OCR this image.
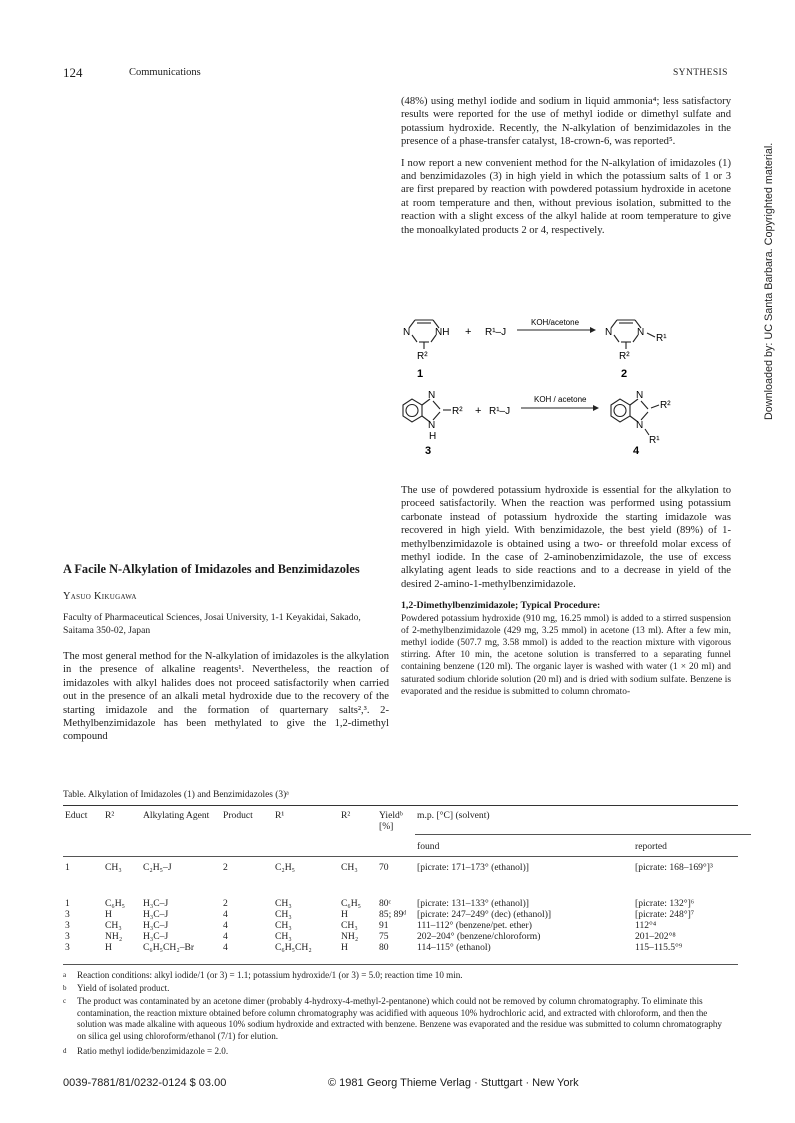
124	Communications	SYNTHESIS
Downloaded by: UC Santa Barbara. Copyrighted material.

(48%) using methyl iodide and sodium in liquid ammonia⁴; less satisfactory results were reported for the use of methyl iodide or dimethyl sulfate and potassium hydroxide. Recently, the N-alkylation of benzimidazoles in the presence of a phase-transfer catalyst, 18-crown-6, was reported⁵.

I now report a new convenient method for the N-alkylation of imidazoles (1) and benzimidazoles (3) in high yield in which the potassium salts of 1 or 3 are first prepared by reaction with powdered potassium hydroxide in acetone at room temperature and then, without previous isolation, submitted to the reaction with a slight excess of the alkyl halide at room temperature to give the monoalkylated products 2 or 4, respectively.

N NH
R²
+ R¹–J
KOH/acetone
1
N N
R¹
R²
2
N
N
H
R² + R¹–J
KOH / acetone
3
N
N
R²
R¹
4

The use of powdered potassium hydroxide is essential for the alkylation to proceed satisfactorily. When the reaction was performed using potassium carbonate instead of potassium hydroxide the starting imidazole was recovered in high yield. With benzimidazole, the best yield (89%) of 1-methylbenzimidazole is obtained using a two- or threefold molar excess of methyl iodide. In the case of 2-aminobenzimidazole, the use of excess alkylating agent leads to side reactions and to a decrease in yield of the desired 2-amino-1-methylbenzimidazole.

1,2-Dimethylbenzimidazole; Typical Procedure:
Powdered potassium hydroxide (910 mg, 16.25 mmol) is added to a stirred suspension of 2-methylbenzimidazole (429 mg, 3.25 mmol) in acetone (13 ml). After a few min, methyl iodide (507.7 mg, 3.58 mmol) is added to the reaction mixture with vigorous stirring. After 10 min, the acetone solution is transferred to a separating funnel containing benzene (120 ml). The organic layer is washed with water (1 × 20 ml) and saturated sodium chloride solution (20 ml) and is dried with sodium sulfate. Benzene is evaporated and the residue is submitted to column chromato-
A Facile N-Alkylation of Imidazoles and Benzimidazoles
Yasuo Kikugawa
Faculty of Pharmaceutical Sciences, Josai University, 1-1 Keyakidai, Sakado, Saitama 350-02, Japan
The most general method for the N-alkylation of imidazoles is the alkylation in the presence of alkaline reagents¹. Nevertheless, the reaction of imidazoles with alkyl halides does not proceed satisfactorily when carried out in the presence of an alkali metal hydroxide due to the recovery of the starting imidazole and the formation of quarternary salts²,³. 2-Methylbenzimidazole has been methylated to give the 1,2-dimethyl compound
Table. Alkylation of Imidazoles (1) and Benzimidazoles (3)ᵃ
Educt	R²	Alkylating Agent	Product	R¹	R²	Yieldᵇ [%]	m.p. [°C] (solvent)	
							found	reported
1	CH₃	C₂H₅–J	2	C₂H₅	CH₃	70	[picrate: 171–173° (ethanol)]	[picrate: 168–169°]³
1	C₆H₅	H₃C–J	2	CH₃	C₆H₅	80ᶜ	[picrate: 131–133° (ethanol)]	[picrate: 132°]⁶
3	H	H₃C–J	4	CH₃	H	85; 89ᵈ	[picrate: 247–249° (dec) (ethanol)]	[picrate: 248°]⁷
3	CH₃	H₃C–J	4	CH₃	CH₃	91	111–112° (benzene/pet. ether)	112°⁴
3	NH₂	H₃C–J	4	CH₃	NH₂	75	202–204° (benzene/chloroform)	201–202°⁸
3	H	C₆H₅CH₂–Br	4	C₆H₅CH₂	H	80	114–115° (ethanol)	115–115.5°⁹
a	Reaction conditions: alkyl iodide/1 (or 3) = 1.1; potassium hydroxide/1 (or 3) = 5.0; reaction time 10 min.
b	Yield of isolated product.
c	The product was contaminated by an acetone dimer (probably 4-hydroxy-4-methyl-2-pentanone) which could not be removed by column chromatography. To eliminate this contamination, the reaction mixture obtained before column chromatography was acidified with aqueous 10% hydrochloric acid, and extracted with chloroform, and then the solution was made alkaline with aqueous 10% sodium hydroxide and extracted with benzene. Benzene was evaporated and the residue was submitted to column chromatography on silica gel using chloroform/ethanol (7/1) for elution.
d	Ratio methyl iodide/benzimidazole = 2.0.
0039-7881/81/0232-0124 $ 03.00	© 1981 Georg Thieme Verlag · Stuttgart · New York
